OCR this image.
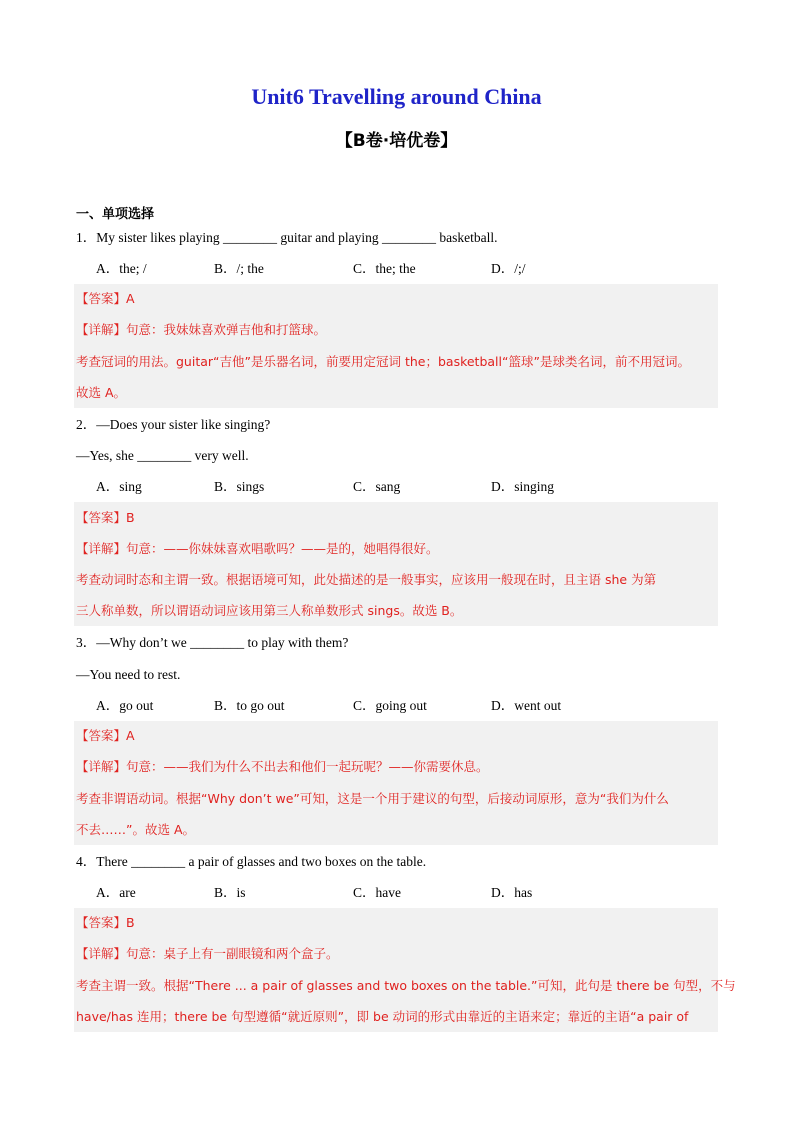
Unit6 Travelling around China
【B卷·培优卷】
一、单项选择
1．My sister likes playing ________ guitar and playing ________ basketball.
A．the; /	B．/; the	C．the; the	D．/;/
【答案】A
【详解】句意：我妹妹喜欢弹吉他和打篮球。
考查冠词的用法。guitar“吉他”是乐器名词，前要用定冠词 the；basketball“篮球”是球类名词，前不用冠词。
故选 A。
2．—Does your sister like singing?
—Yes, she ________ very well.
A．sing	B．sings	C．sang	D．singing
【答案】B
【详解】句意：——你妹妹喜欢唱歌吗？——是的，她唱得很好。
考查动词时态和主谓一致。根据语境可知，此处描述的是一般事实，应该用一般现在时，且主语 she 为第
三人称单数，所以谓语动词应该用第三人称单数形式 sings。故选 B。
3．—Why don’t we ________ to play with them?
—You need to rest.
A．go out	B．to go out	C．going out	D．went out
【答案】A
【详解】句意：——我们为什么不出去和他们一起玩呢？——你需要休息。
考查非谓语动词。根据“Why don’t we”可知，这是一个用于建议的句型，后接动词原形，意为“我们为什么
不去……”。故选 A。
4．There ________ a pair of glasses and two boxes on the table.
A．are	B．is	C．have	D．has
【答案】B
【详解】句意：桌子上有一副眼镜和两个盒子。
考查主谓一致。根据“There ... a pair of glasses and two boxes on the table.”可知，此句是 there be 句型，不与
have/has 连用；there be 句型遵循“就近原则”，即 be 动词的形式由靠近的主语来定；靠近的主语“a pair of
